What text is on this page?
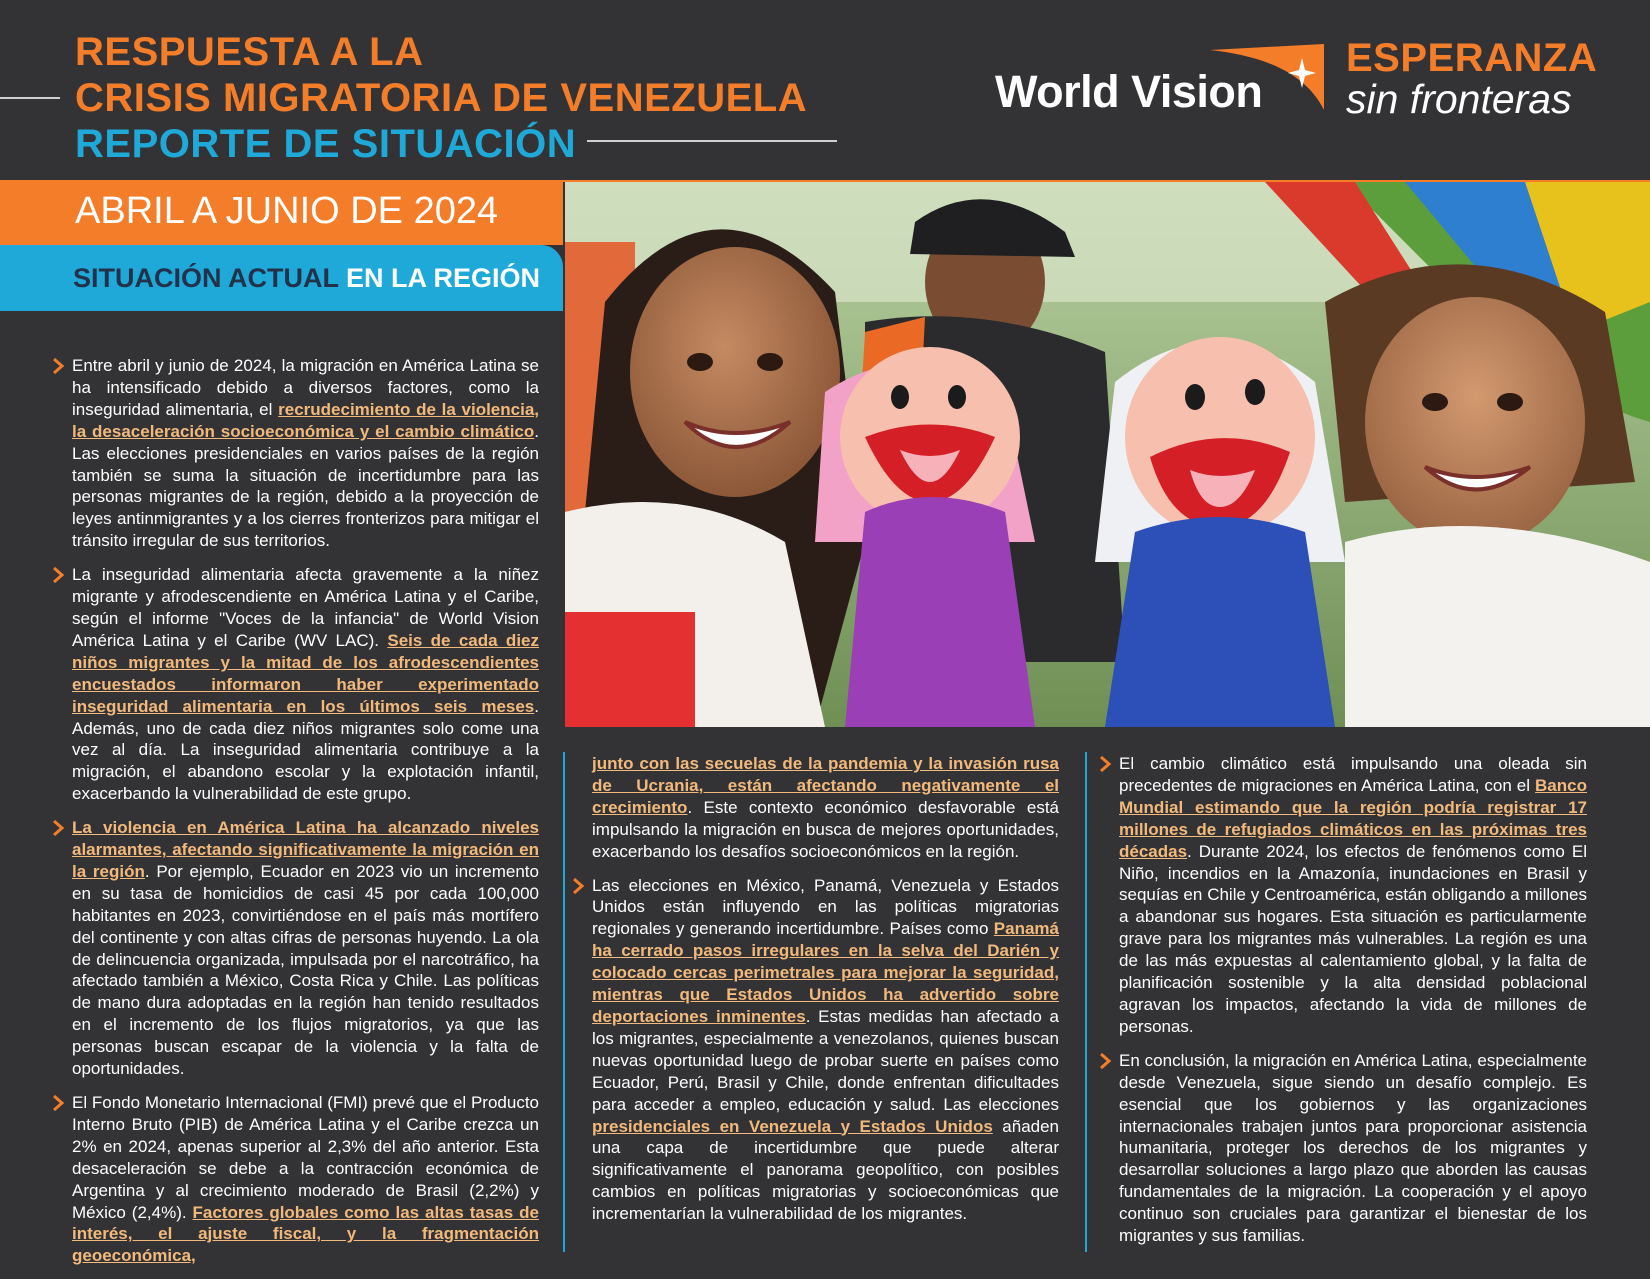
RESPUESTA A LA
CRISIS MIGRATORIA DE VENEZUELA
REPORTE DE SITUACIÓN
World Vision
ESPERANZA
sin fronteras
ABRIL A JUNIO DE 2024
SITUACIÓN ACTUAL EN LA REGIÓN

Entre abril y junio de 2024, la migración en América Latina se ha intensificado debido a diversos factores, como la inseguridad alimentaria, el recrudecimiento de la violencia, la desaceleración socioeconómica y el cambio climático. Las elecciones presidenciales en varios países de la región también se suma la situación de incertidumbre para las personas migrantes de la región, debido a la proyección de leyes antinmigrantes y a los cierres fronterizos para mitigar el tránsito irregular de sus territorios.

La inseguridad alimentaria afecta gravemente a la niñez migrante y afrodescendiente en América Latina y el Caribe, según el informe "Voces de la infancia" de World Vision América Latina y el Caribe (WV LAC). Seis de cada diez niños migrantes y la mitad de los afrodescendientes encuestados informaron haber experimentado inseguridad alimentaria en los últimos seis meses. Además, uno de cada diez niños migrantes solo come una vez al día. La inseguridad alimentaria contribuye a la migración, el abandono escolar y la explotación infantil, exacerbando la vulnerabilidad de este grupo.

La violencia en América Latina ha alcanzado niveles alarmantes, afectando significativamente la migración en la región. Por ejemplo, Ecuador en 2023 vio un incremento en su tasa de homicidios de casi 45 por cada 100,000 habitantes en 2023, convirtiéndose en el país más mortífero del continente y con altas cifras de personas huyendo. La ola de delincuencia organizada, impulsada por el narcotráfico, ha afectado también a México, Costa Rica y Chile. Las políticas de mano dura adoptadas en la región han tenido resultados en el incremento de los flujos migratorios, ya que las personas buscan escapar de la violencia y la falta de oportunidades.

El Fondo Monetario Internacional (FMI) prevé que el Producto Interno Bruto (PIB) de América Latina y el Caribe crezca un 2% en 2024, apenas superior al 2,3% del año anterior. Esta desaceleración se debe a la contracción económica de Argentina y al crecimiento moderado de Brasil (2,2%) y México (2,4%). Factores globales como las altas tasas de interés, el ajuste fiscal, y la fragmentación geoeconómica,

junto con las secuelas de la pandemia y la invasión rusa de Ucrania, están afectando negativamente el crecimiento. Este contexto económico desfavorable está impulsando la migración en busca de mejores oportunidades, exacerbando los desafíos socioeconómicos en la región.

Las elecciones en México, Panamá, Venezuela y Estados Unidos están influyendo en las políticas migratorias regionales y generando incertidumbre. Países como Panamá ha cerrado pasos irregulares en la selva del Darién y colocado cercas perimetrales para mejorar la seguridad, mientras que Estados Unidos ha advertido sobre deportaciones inminentes. Estas medidas han afectado a los migrantes, especialmente a venezolanos, quienes buscan nuevas oportunidad luego de probar suerte en países como Ecuador, Perú, Brasil y Chile, donde enfrentan dificultades para acceder a empleo, educación y salud. Las elecciones presidenciales en Venezuela y Estados Unidos añaden una capa de incertidumbre que puede alterar significativamente el panorama geopolítico, con posibles cambios en políticas migratorias y socioeconómicas que incrementarían la vulnerabilidad de los migrantes.

El cambio climático está impulsando una oleada sin precedentes de migraciones en América Latina, con el Banco Mundial estimando que la región podría registrar 17 millones de refugiados climáticos en las próximas tres décadas. Durante 2024, los efectos de fenómenos como El Niño, incendios en la Amazonía, inundaciones en Brasil y sequías en Chile y Centroamérica, están obligando a millones a abandonar sus hogares. Esta situación es particularmente grave para los migrantes más vulnerables. La región es una de las más expuestas al calentamiento global, y la falta de planificación sostenible y la alta densidad poblacional agravan los impactos, afectando la vida de millones de personas.

En conclusión, la migración en América Latina, especialmente desde Venezuela, sigue siendo un desafío complejo. Es esencial que los gobiernos y las organizaciones internacionales trabajen juntos para proporcionar asistencia humanitaria, proteger los derechos de los migrantes y desarrollar soluciones a largo plazo que aborden las causas fundamentales de la migración. La cooperación y el apoyo continuo son cruciales para garantizar el bienestar de los migrantes y sus familias.
